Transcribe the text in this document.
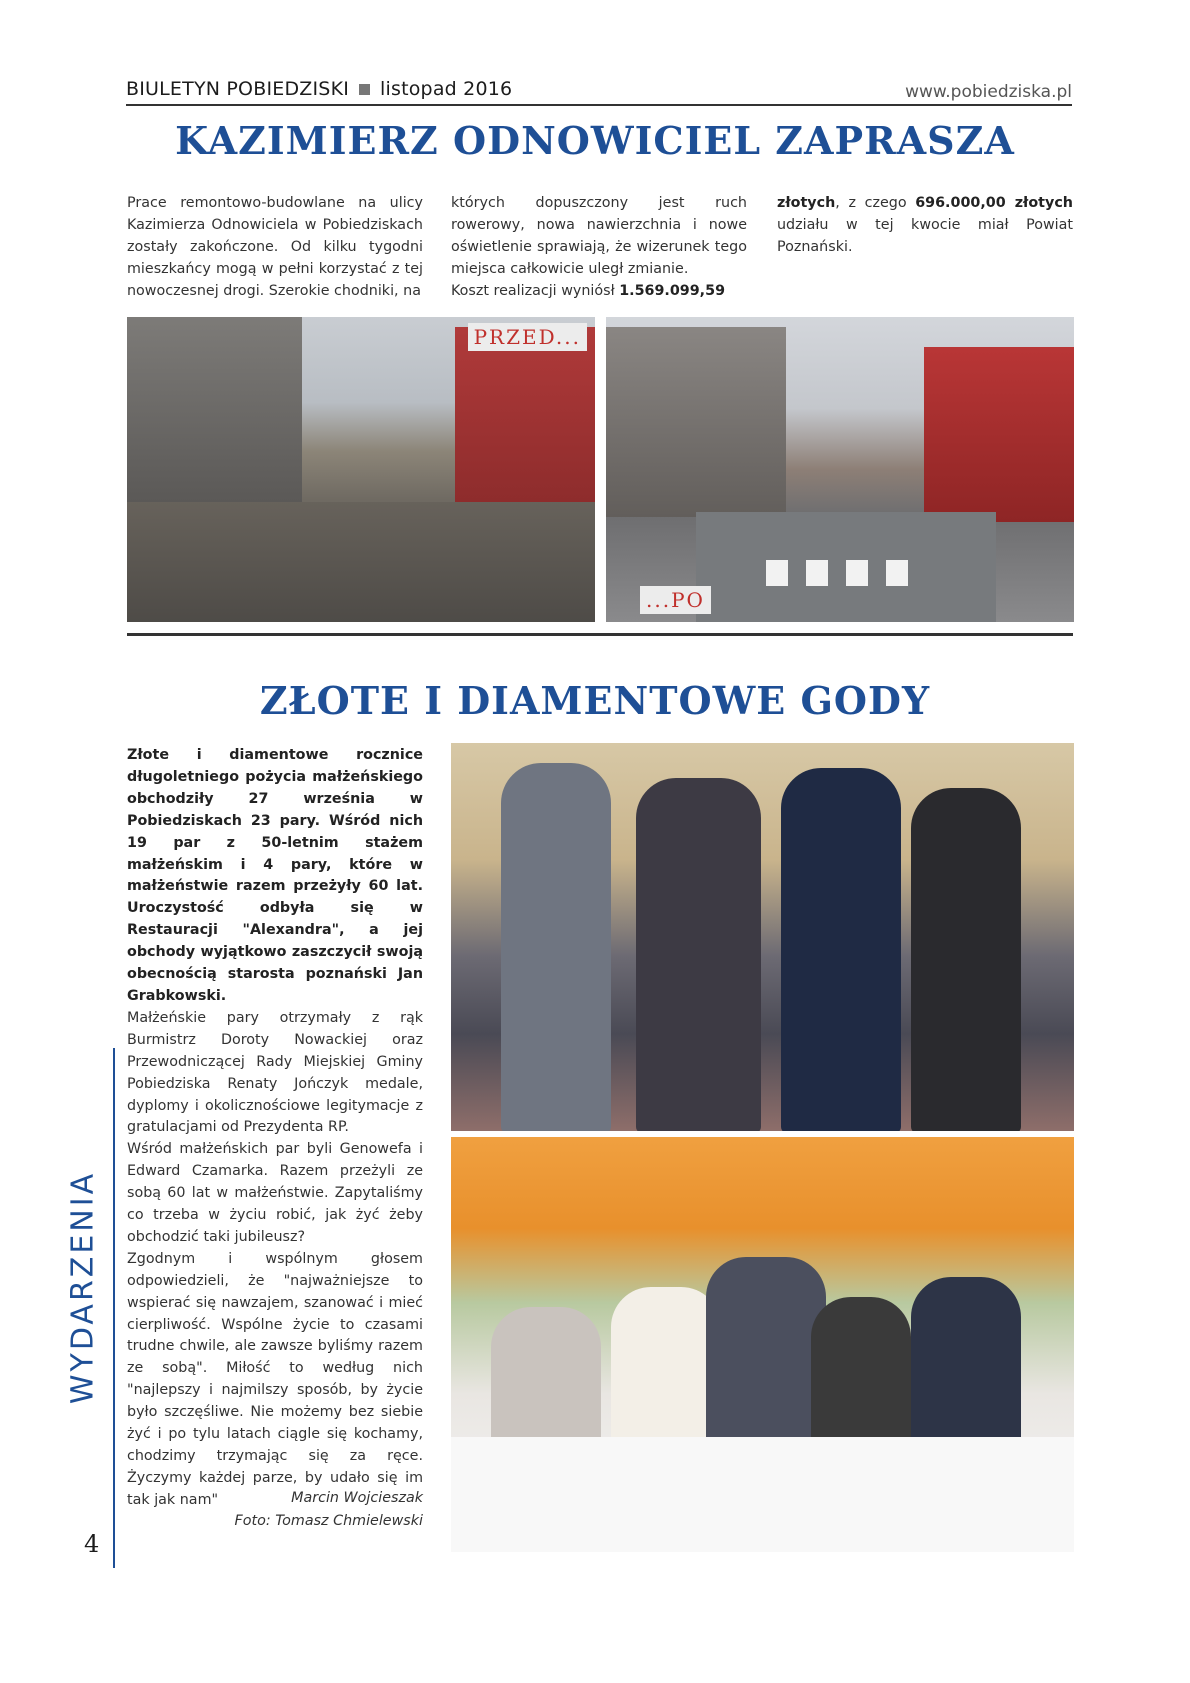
BIULETYN POBIEDZISKI listopad 2016	www.pobiedziska.pl
KAZIMIERZ ODNOWICIEL ZAPRASZA
Prace remontowo-budowlane na ulicy Kazimierza Odnowiciela w Pobiedziskach zostały zakończone. Od kilku tygodni mieszkańcy mogą w pełni korzystać z tej nowoczesnej drogi. Szerokie chodniki, na
których dopuszczony jest ruch rowerowy, nowa nawierzchnia i nowe oświetlenie sprawiają, że wizerunek tego miejsca całkowicie uległ zmianie.
Koszt realizacji wyniósł 1.569.099,59
złotych, z czego 696.000,00 złotych udziału w tej kwocie miał Powiat Poznański.
PRZED...
...PO
ZŁOTE I DIAMENTOWE GODY
Złote i diamentowe rocznice długoletniego pożycia małżeńskiego obchodziły 27 września w Pobiedziskach 23 pary. Wśród nich 19 par z 50-letnim stażem małżeńskim i 4 pary, które w małżeństwie razem przeżyły 60 lat. Uroczystość odbyła się w Restauracji "Alexandra", a jej obchody wyjątkowo zaszczycił swoją obecnością starosta poznański Jan Grabkowski.
Małżeńskie pary otrzymały z rąk Burmistrz Doroty Nowackiej oraz Przewodniczącej Rady Miejskiej Gminy Pobiedziska Renaty Jończyk medale, dyplomy i okolicznościowe legitymacje z gratulacjami od Prezydenta RP.
Wśród małżeńskich par byli Genowefa i Edward Czamarka. Razem przeżyli ze sobą 60 lat w małżeństwie. Zapytaliśmy co trzeba w życiu robić, jak żyć żeby obchodzić taki jubileusz?
Zgodnym i wspólnym głosem odpowiedzieli, że "najważniejsze to wspierać się nawzajem, szanować i mieć cierpliwość. Wspólne życie to czasami trudne chwile, ale zawsze byliśmy razem ze sobą". Miłość to według nich "najlepszy i najmilszy sposób, by życie było szczęśliwe. Nie możemy bez siebie żyć i po tylu latach ciągle się kochamy, chodzimy trzymając się za ręce. Życzymy każdej parze, by udało się im tak jak nam"	Marcin Wojcieszak
Foto: Tomasz Chmielewski
WYDARZENIA
4
